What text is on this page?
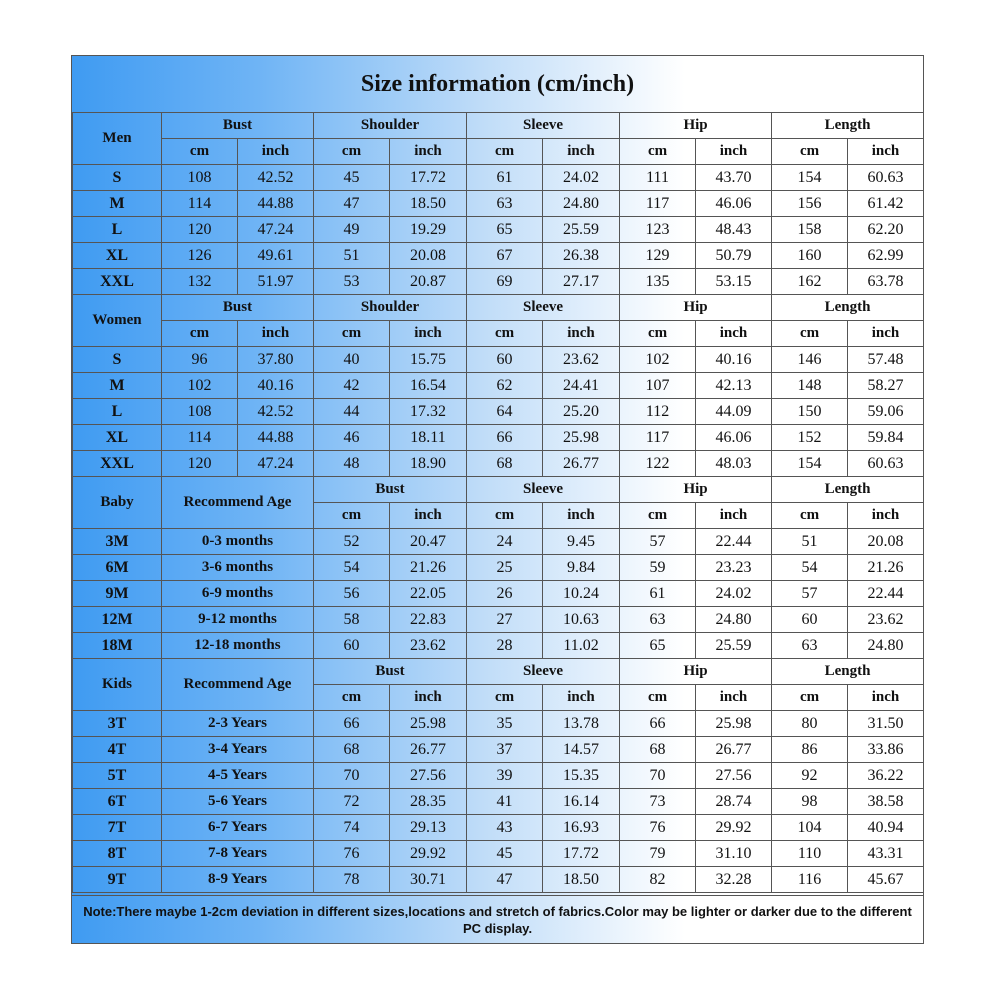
Size information (cm/inch)
Men	Bust		Shoulder		Sleeve		Hip		Length	
	cm	inch	cm	inch	cm	inch	cm	inch	cm	inch
S	108	42.52	45	17.72	61	24.02	111	43.70	154	60.63
M	114	44.88	47	18.50	63	24.80	117	46.06	156	61.42
L	120	47.24	49	19.29	65	25.59	123	48.43	158	62.20
XL	126	49.61	51	20.08	67	26.38	129	50.79	160	62.99
XXL	132	51.97	53	20.87	69	27.17	135	53.15	162	63.78
Women	Bust		Shoulder		Sleeve		Hip		Length	
	cm	inch	cm	inch	cm	inch	cm	inch	cm	inch
S	96	37.80	40	15.75	60	23.62	102	40.16	146	57.48
M	102	40.16	42	16.54	62	24.41	107	42.13	148	58.27
L	108	42.52	44	17.32	64	25.20	112	44.09	150	59.06
XL	114	44.88	46	18.11	66	25.98	117	46.06	152	59.84
XXL	120	47.24	48	18.90	68	26.77	122	48.03	154	60.63
Baby	Recommend Age		Bust		Sleeve		Hip		Length	
			cm	inch	cm	inch	cm	inch	cm	inch
3M	0-3 months		52	20.47	24	9.45	57	22.44	51	20.08
6M	3-6 months		54	21.26	25	9.84	59	23.23	54	21.26
9M	6-9 months		56	22.05	26	10.24	61	24.02	57	22.44
12M	9-12 months		58	22.83	27	10.63	63	24.80	60	23.62
18M	12-18 months		60	23.62	28	11.02	65	25.59	63	24.80
Kids	Recommend Age		Bust		Sleeve		Hip		Length	
			cm	inch	cm	inch	cm	inch	cm	inch
3T	2-3 Years		66	25.98	35	13.78	66	25.98	80	31.50
4T	3-4 Years		68	26.77	37	14.57	68	26.77	86	33.86
5T	4-5 Years		70	27.56	39	15.35	70	27.56	92	36.22
6T	5-6 Years		72	28.35	41	16.14	73	28.74	98	38.58
7T	6-7 Years		74	29.13	43	16.93	76	29.92	104	40.94
8T	7-8 Years		76	29.92	45	17.72	79	31.10	110	43.31
9T	8-9 Years		78	30.71	47	18.50	82	32.28	116	45.67
Note:There maybe 1-2cm deviation in different sizes,locations and stretch of fabrics.Color may be lighter or darker due to the different PC display.
